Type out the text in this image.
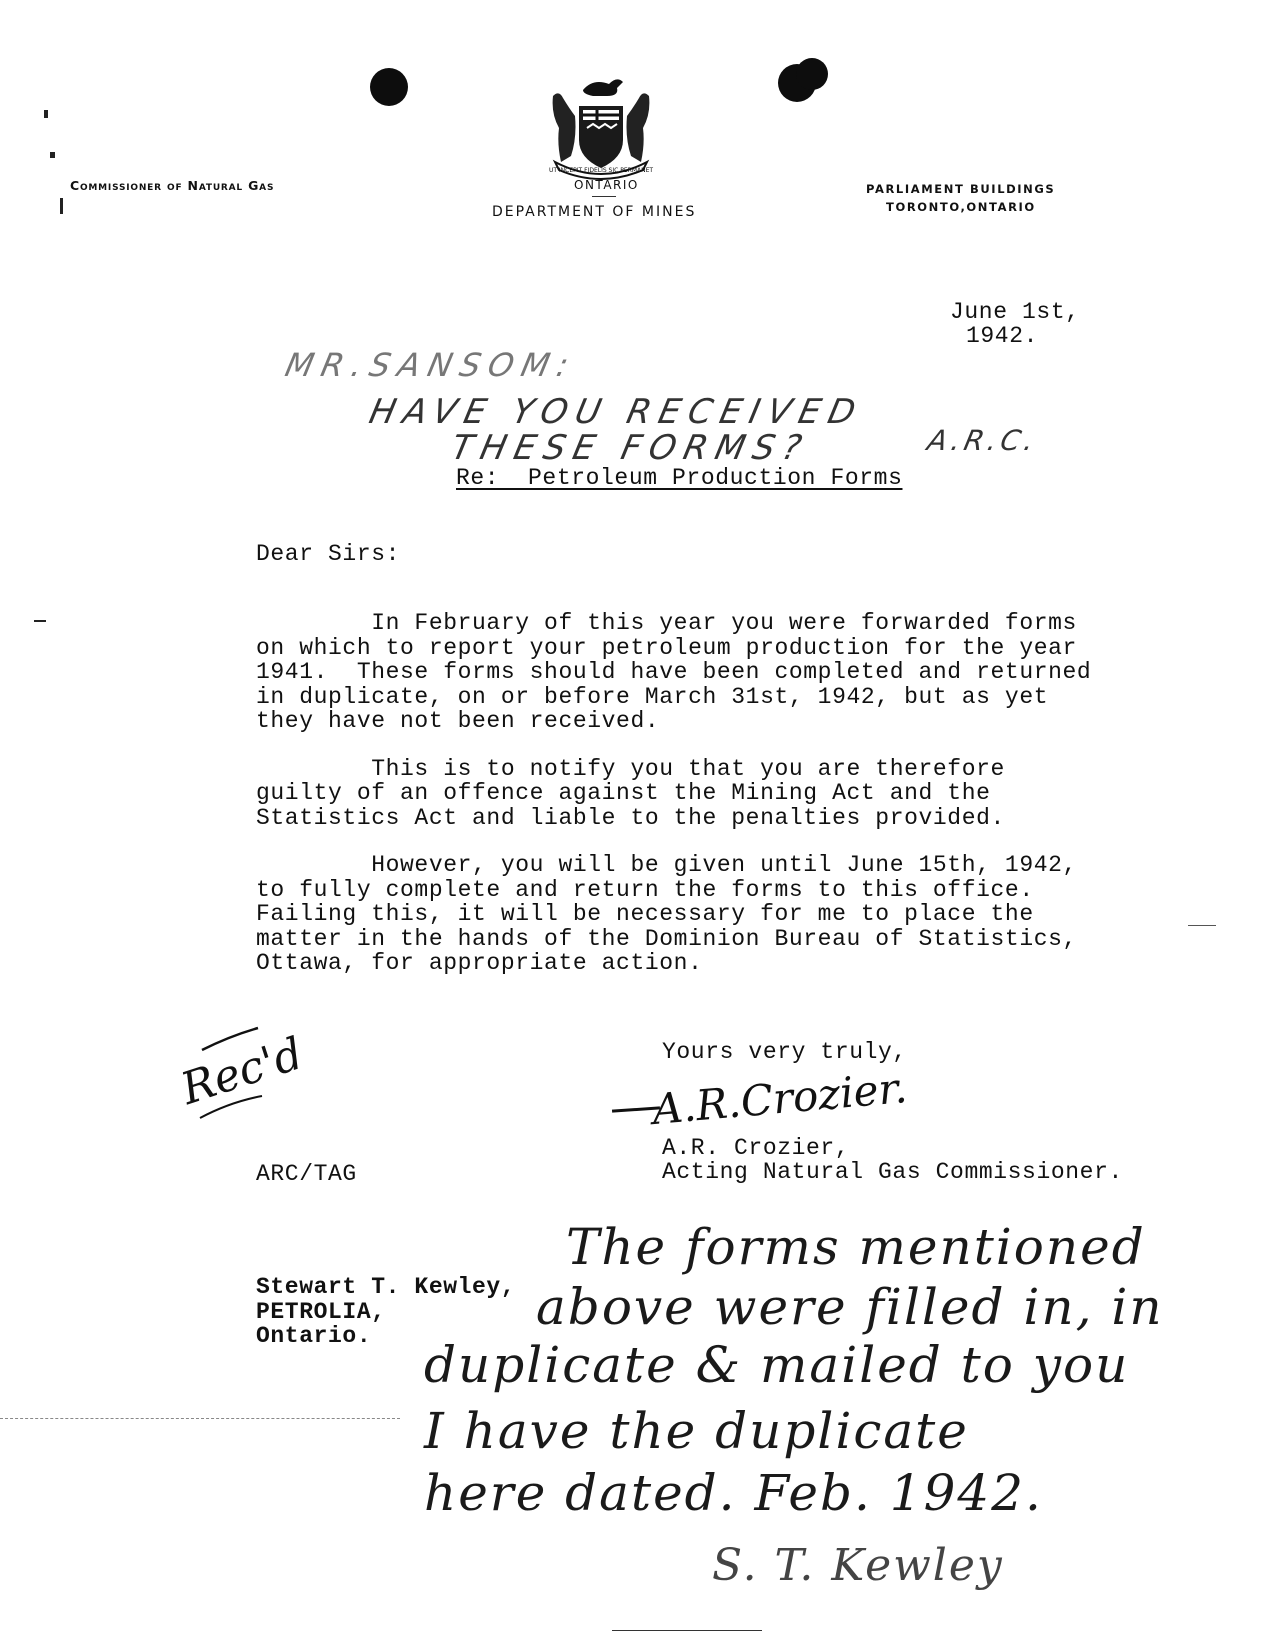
UT INCEPIT FIDELIS SIC PERMANET
Commissioner of Natural Gas	ONTARIO
DEPARTMENT OF MINES
PARLIAMENT BUILDINGS
TORONTO,ONTARIO
June 1st,
1942.
MR.SANSOM:
HAVE YOU RECEIVED
THESE FORMS?	A.R.C.
Re:  Petroleum Production Forms
Dear Sirs:
In February of this year you were forwarded forms
on which to report your petroleum production for the year
1941.  These forms should have been completed and returned
in duplicate, on or before March 31st, 1942, but as yet
they have not been received.
This is to notify you that you are therefore
guilty of an offence against the Mining Act and the
Statistics Act and liable to the penalties provided.
However, you will be given until June 15th, 1942,
to fully complete and return the forms to this office.
Failing this, it will be necessary for me to place the
matter in the hands of the Dominion Bureau of Statistics,
Ottawa, for appropriate action.
Rec'd
ARC/TAG
Yours very truly,
A.R.Crozier.
A.R. Crozier,
Acting Natural Gas Commissioner.
Stewart T. Kewley,
PETROLIA,
Ontario.
The forms mentioned
above were filled in, in
duplicate & mailed to you
I have the duplicate
here dated. Feb. 1942.
S. T. Kewley
